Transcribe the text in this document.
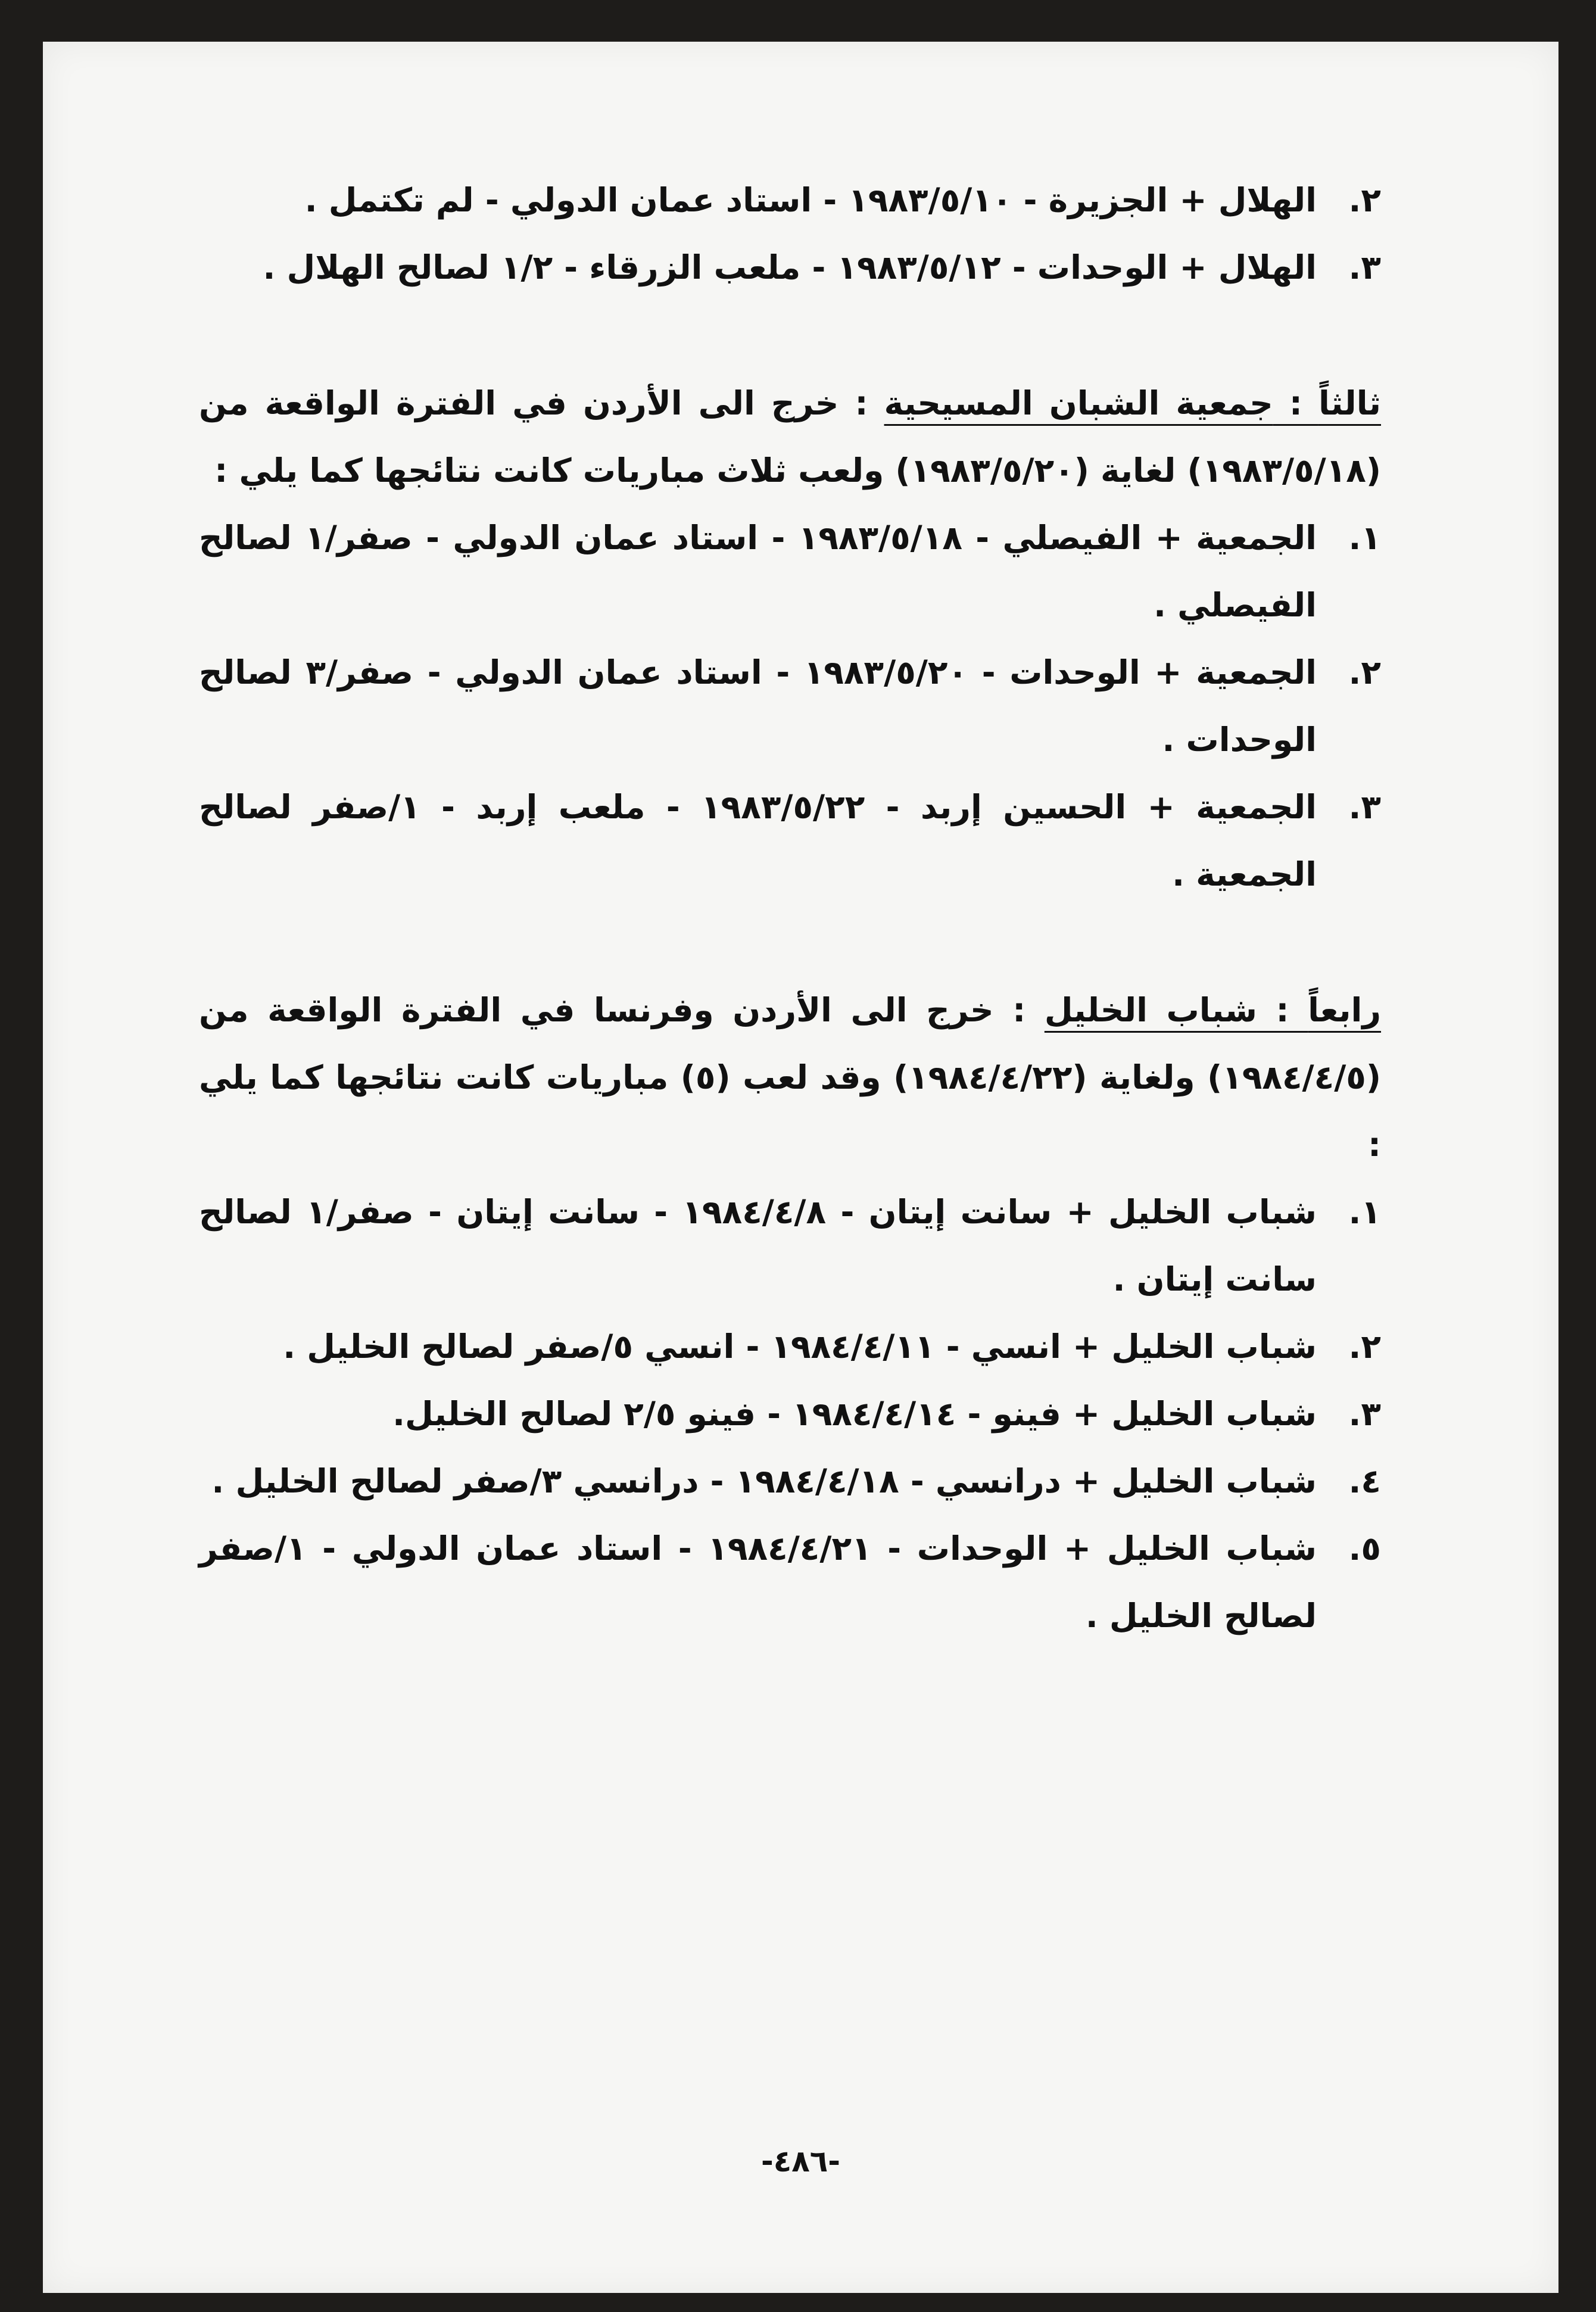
٢.
الهلال + الجزيرة - ١٩٨٣/٥/١٠ - استاد عمان الدولي - لم تكتمل .
٣.
الهلال + الوحدات - ١٩٨٣/٥/١٢ - ملعب الزرقاء - ١/٢ لصالح الهلال .
ثالثاً : جمعية الشبان المسيحية : خرج الى الأردن في الفترة الواقعة من (١٩٨٣/٥/١٨) لغاية (١٩٨٣/٥/٢٠) ولعب ثلاث مباريات كانت نتائجها كما يلي :
١.
الجمعية + الفيصلي - ١٩٨٣/٥/١٨ - استاد عمان الدولي - صفر/١ لصالح الفيصلي .
٢.
الجمعية + الوحدات - ١٩٨٣/٥/٢٠ - استاد عمان الدولي - صفر/٣ لصالح الوحدات .
٣.
الجمعية + الحسين إربد - ١٩٨٣/٥/٢٢ - ملعب إربد - ١/صفر لصالح الجمعية .
رابعاً : شباب الخليل : خرج الى الأردن وفرنسا في الفترة الواقعة من (١٩٨٤/٤/٥) ولغاية (١٩٨٤/٤/٢٢) وقد لعب (٥) مباريات كانت نتائجها كما يلي :
١.
شباب الخليل + سانت إيتان - ١٩٨٤/٤/٨ - سانت إيتان - صفر/١ لصالح سانت إيتان .
٢.
شباب الخليل + انسي - ١٩٨٤/٤/١١ - انسي ٥/صفر لصالح الخليل .
٣.
شباب الخليل + فينو - ١٩٨٤/٤/١٤ - فينو ٢/٥ لصالح الخليل.
٤.
شباب الخليل + درانسي - ١٩٨٤/٤/١٨ - درانسي ٣/صفر لصالح الخليل .
٥.
شباب الخليل + الوحدات - ١٩٨٤/٤/٢١ - استاد عمان الدولي - ١/صفر لصالح الخليل .
-٤٨٦-
